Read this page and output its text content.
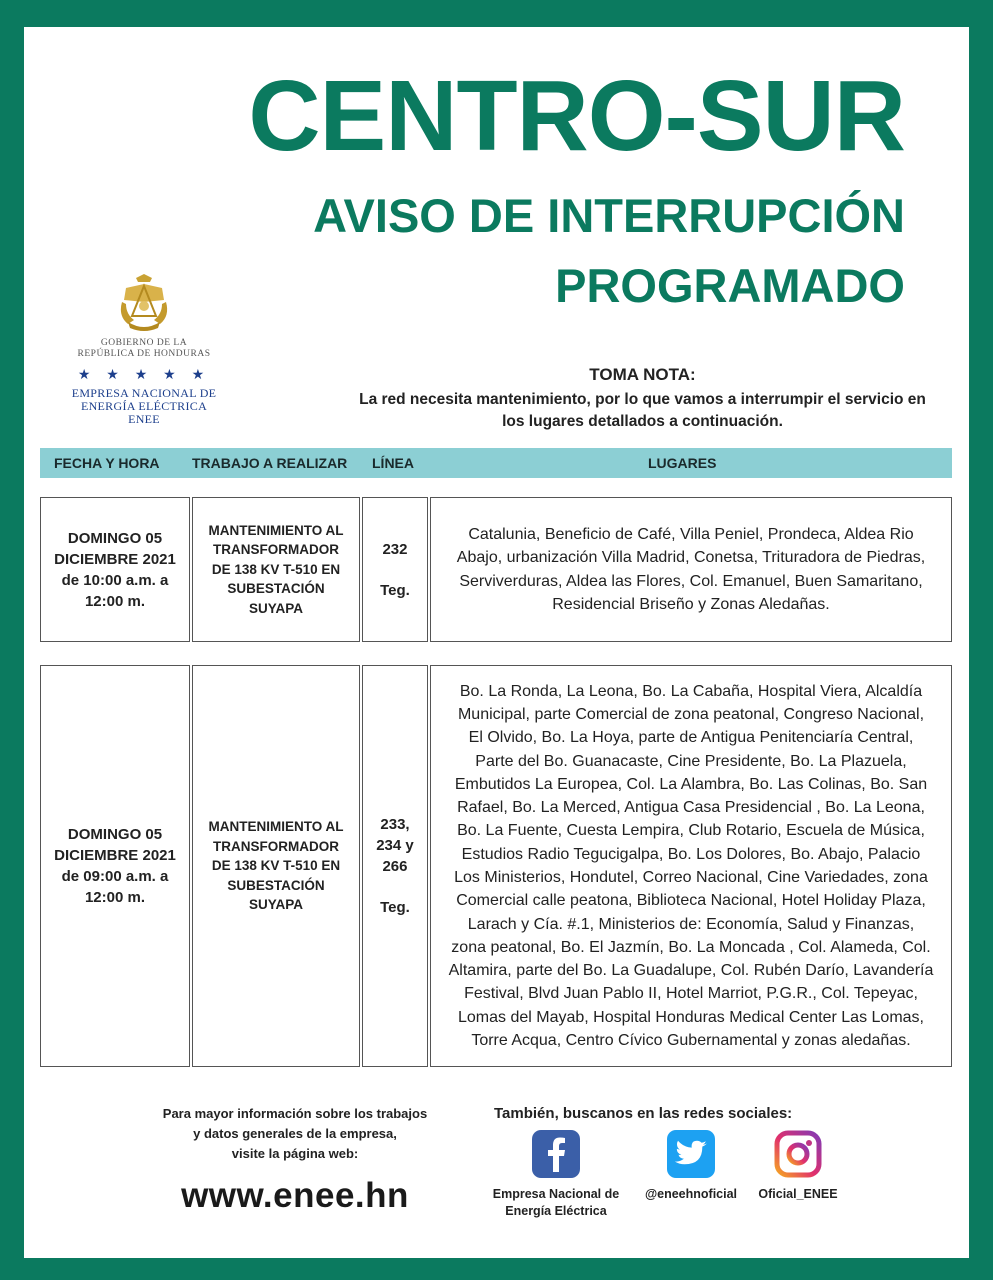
CENTRO-SUR
AVISO DE INTERRUPCIÓN
PROGRAMADO
GOBIERNO DE LA
REPÚBLICA DE HONDURAS
★ ★ ★ ★ ★
EMPRESA NACIONAL DE
ENERGÍA ELÉCTRICA
ENEE
TOMA NOTA:
La red necesita mantenimiento, por lo que vamos a interrumpir el servicio en
los lugares detallados a continuación.
FECHA Y HORA TRABAJO A REALIZAR LÍNEA	LUGARES
DOMINGO 05
DICIEMBRE 2021
de 10:00 a.m. a
12:00 m.
MANTENIMIENTO AL
TRANSFORMADOR
DE 138 KV T-510 EN
SUBESTACIÓN
SUYAPA
232
Teg.
Catalunia, Beneficio de Café, Villa Peniel, Prondeca, Aldea Rio
Abajo, urbanización Villa Madrid, Conetsa, Trituradora de Piedras,
Serviverduras, Aldea las Flores, Col. Emanuel, Buen Samaritano,
Residencial Briseño y Zonas Aledañas.
DOMINGO 05
DICIEMBRE 2021
de 09:00 a.m. a
12:00 m.
MANTENIMIENTO AL
TRANSFORMADOR
DE 138 KV T-510 EN
SUBESTACIÓN
SUYAPA
233,
234 y
266
Teg.
Bo. La Ronda, La Leona, Bo. La Cabaña, Hospital Viera, Alcaldía
Municipal, parte Comercial de zona peatonal, Congreso Nacional,
El Olvido, Bo. La Hoya, parte de Antigua Penitenciaría Central,
Parte del Bo. Guanacaste, Cine Presidente, Bo. La Plazuela,
Embutidos La Europea, Col. La Alambra, Bo. Las Colinas, Bo. San
Rafael, Bo. La Merced, Antigua Casa Presidencial , Bo. La Leona,
Bo. La Fuente, Cuesta Lempira, Club Rotario, Escuela de Música,
Estudios Radio Tegucigalpa, Bo. Los Dolores, Bo. Abajo, Palacio
Los Ministerios, Hondutel, Correo Nacional, Cine Variedades, zona
Comercial calle peatona, Biblioteca Nacional, Hotel Holiday Plaza,
Larach y Cía. #.1, Ministerios de: Economía, Salud y Finanzas,
zona peatonal, Bo. El Jazmín, Bo. La Moncada , Col. Alameda, Col.
Altamira, parte del Bo. La Guadalupe, Col. Rubén Darío, Lavandería
Festival, Blvd Juan Pablo II, Hotel Marriot, P.G.R., Col. Tepeyac,
Lomas del Mayab, Hospital Honduras Medical Center Las Lomas,
Torre Acqua, Centro Cívico Gubernamental y zonas aledañas.
Para mayor información sobre los trabajos
y datos generales de la empresa,
visite la página web:
www.enee.hn
También, buscanos en las redes sociales:
Empresa Nacional de
Energía Eléctrica
@eneehnoficial	Oficial_ENEE
